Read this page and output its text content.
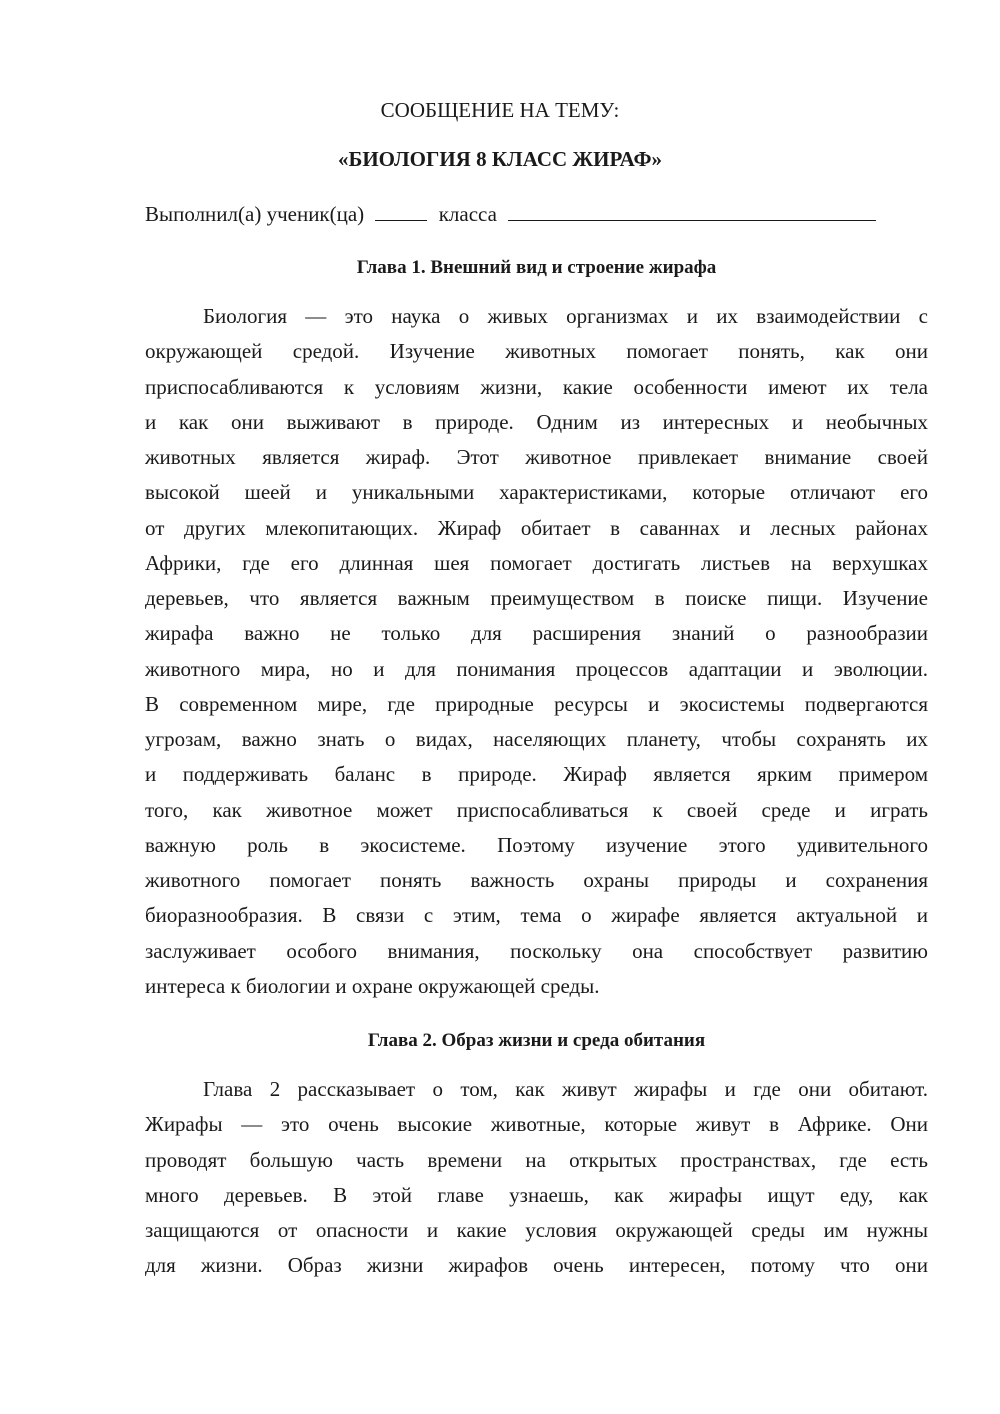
СООБЩЕНИЕ НА ТЕМУ:

«БИОЛОГИЯ 8 КЛАСС ЖИРАФ»

Выполнил(а) ученик(ца)	класса

Глава 1. Внешний вид и строение жирафа

Биология — это наука о живых организмах и их взаимодействии с
окружающей средой. Изучение животных помогает понять, как они
приспосабливаются к условиям жизни, какие особенности имеют их тела
и как они выживают в природе. Одним из интересных и необычных
животных является жираф. Этот животное привлекает внимание своей
высокой шеей и уникальными характеристиками, которые отличают его
от других млекопитающих. Жираф обитает в саваннах и лесных районах
Африки, где его длинная шея помогает достигать листьев на верхушках
деревьев, что является важным преимуществом в поиске пищи. Изучение
жирафа важно не только для расширения знаний о разнообразии
животного мира, но и для понимания процессов адаптации и эволюции.
В современном мире, где природные ресурсы и экосистемы подвергаются
угрозам, важно знать о видах, населяющих планету, чтобы сохранять их
и поддерживать баланс в природе. Жираф является ярким примером
того, как животное может приспосабливаться к своей среде и играть
важную роль в экосистеме. Поэтому изучение этого удивительного
животного помогает понять важность охраны природы и сохранения
биоразнообразия. В связи с этим, тема о жирафе является актуальной и
заслуживает особого внимания, поскольку она способствует развитию
интереса к биологии и охране окружающей среды.

Глава 2. Образ жизни и среда обитания

Глава 2 рассказывает о том, как живут жирафы и где они обитают.
Жирафы — это очень высокие животные, которые живут в Африке. Они
проводят большую часть времени на открытых пространствах, где есть
много деревьев. В этой главе узнаешь, как жирафы ищут еду, как
защищаются от опасности и какие условия окружающей среды им нужны
для жизни. Образ жизни жирафов очень интересен, потому что они
